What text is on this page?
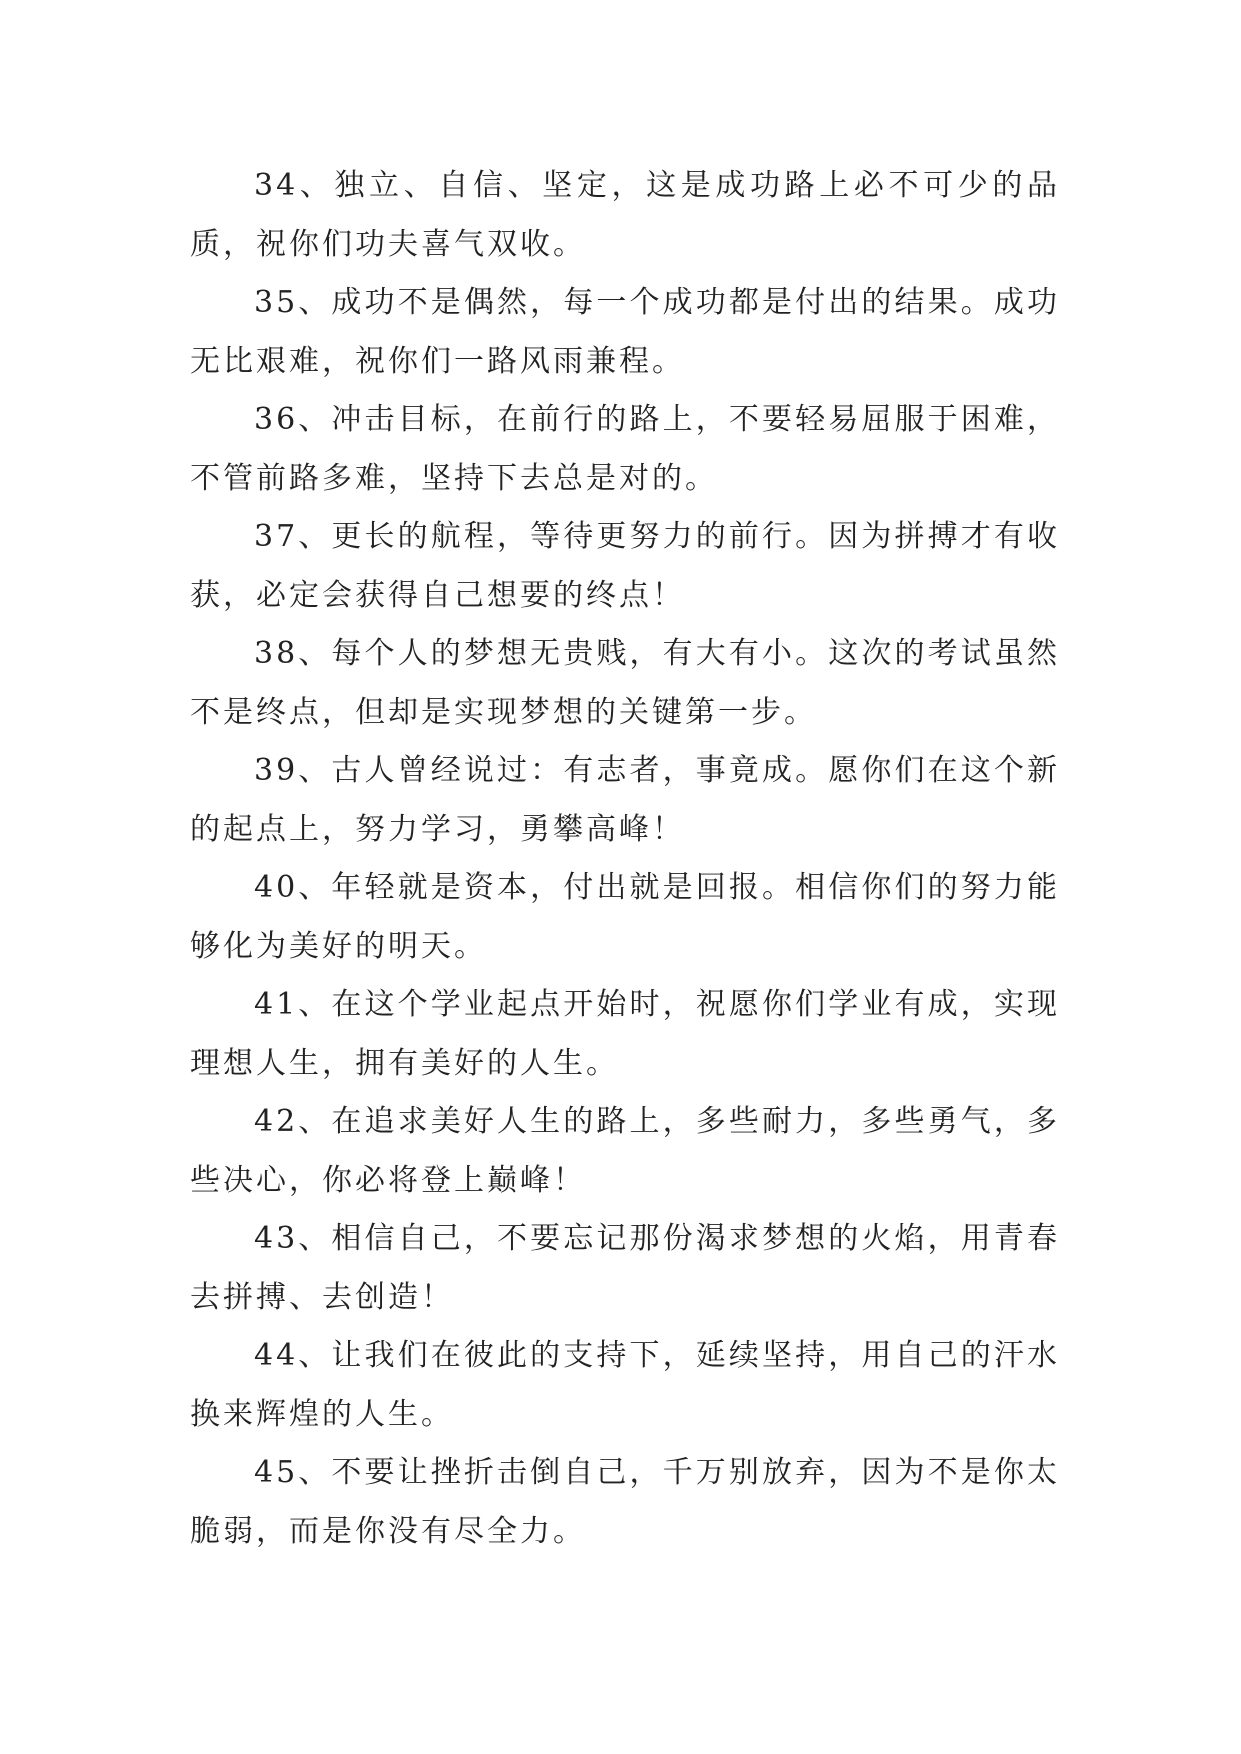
34、独立、自信、坚定，这是成功路上必不可少的品质，祝你们功夫喜气双收。

35、成功不是偶然，每一个成功都是付出的结果。成功无比艰难，祝你们一路风雨兼程。

36、冲击目标，在前行的路上，不要轻易屈服于困难，不管前路多难，坚持下去总是对的。

37、更长的航程，等待更努力的前行。因为拼搏才有收获，必定会获得自己想要的终点！

38、每个人的梦想无贵贱，有大有小。这次的考试虽然不是终点，但却是实现梦想的关键第一步。

39、古人曾经说过：有志者，事竟成。愿你们在这个新的起点上，努力学习，勇攀高峰！

40、年轻就是资本，付出就是回报。相信你们的努力能够化为美好的明天。

41、在这个学业起点开始时，祝愿你们学业有成，实现理想人生，拥有美好的人生。

42、在追求美好人生的路上，多些耐力，多些勇气，多些决心，你必将登上巅峰！

43、相信自己，不要忘记那份渴求梦想的火焰，用青春去拼搏、去创造！

44、让我们在彼此的支持下，延续坚持，用自己的汗水换来辉煌的人生。

45、不要让挫折击倒自己，千万别放弃，因为不是你太脆弱，而是你没有尽全力。
